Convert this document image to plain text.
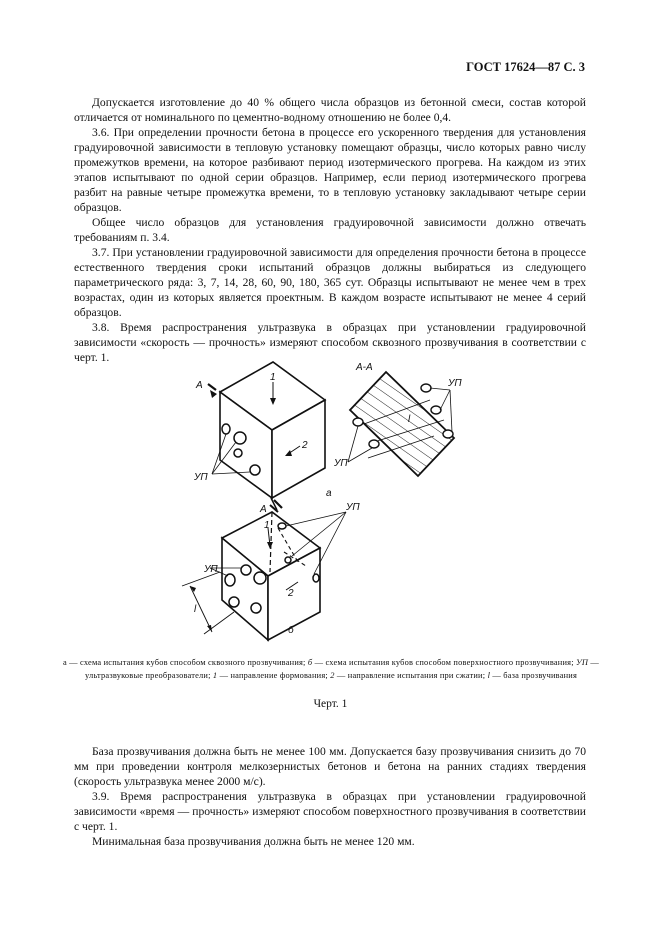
ГОСТ 17624—87 С. 3

Допускается изготовление до 40 % общего числа образцов из бетонной смеси, состав которой отличается от номинального по цементно-водному отношению не более 0,4.

3.6. При определении прочности бетона в процессе его ускоренного твердения для установления градуировочной зависимости в тепловую установку помещают образцы, число которых равно числу промежутков времени, на которое разбивают период изотермического прогрева. На каждом из этих этапов испытывают по одной серии образцов. Например, если период изотермического прогрева разбит на равные четыре промежутка времени, то в тепловую установку закладывают четыре серии образцов.

Общее число образцов для установления градуировочной зависимости должно отвечать требованиям п. 3.4.

3.7. При установлении градуировочной зависимости для определения прочности бетона в процессе естественного твердения сроки испытаний образцов должны выбираться из следующего параметрического ряда: 3, 7, 14, 28, 60, 90, 180, 365 сут. Образцы испытывают не менее чем в трех возрастах, один из которых является проектным. В каждом возрасте испытывают не менее 4 серий образцов.

3.8. Время распространения ультразвука в образцах при установлении градуировочной зависимости «скорость — прочность» измеряют способом сквозного прозвучивания в соответствии с черт. 1.

А
1
2
УП
А-А
УП
УП
l
а
А
1
УП
УП
2
l
б
а — схема испытания кубов способом сквозного прозвучивания; б — схема испытания кубов способом поверхностного прозвучивания; УП — ультразвуковые преобразователи; 1 — направление формования; 2 — направление испытания при сжатии; l — база прозвучивания
Черт. 1

База прозвучивания должна быть не менее 100 мм. Допускается базу прозвучивания снизить до 70 мм при проведении контроля мелкозернистых бетонов и бетона на ранних стадиях твердения (скорость ультразвука менее 2000 м/с).

3.9. Время распространения ультразвука в образцах при установлении градуировочной зависимости «время — прочность» измеряют способом поверхностного прозвучивания в соответствии с черт. 1.

Минимальная база прозвучивания должна быть не менее 120 мм.
